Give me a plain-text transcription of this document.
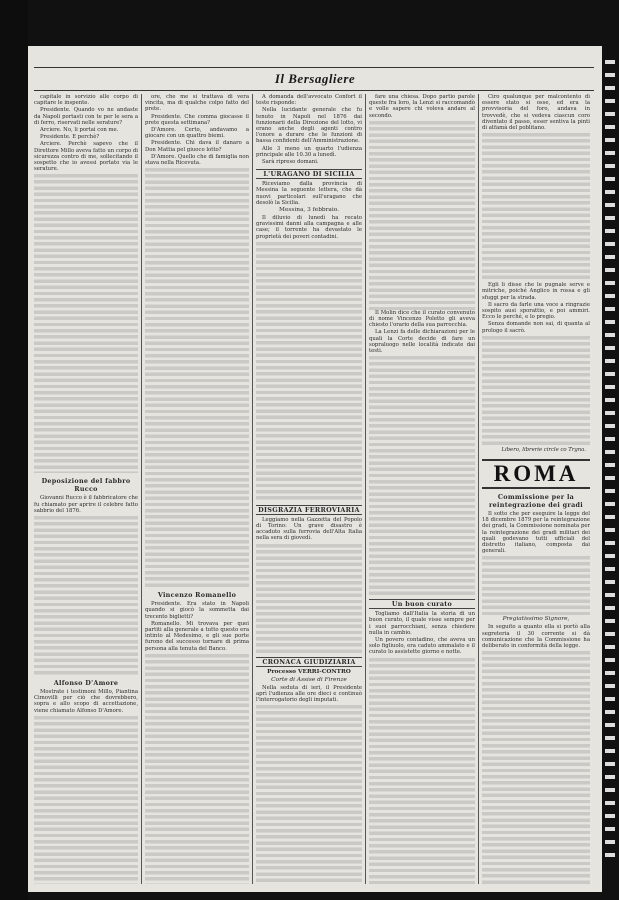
Il Bersagliere

capitale in sorvizio alle corpo di capitare le inspente.

Presidente. Quando vo ne andaste da Napoli portasti con te per le sera a di ferro, riservati nelle serature?

Arciere. No, li portai con me.

Presidente. E perchè?

Arciere. Perchè sapevo che il Direttore Millo aveva fatto un corpo di sicurezza contro di me, sollecitando il sospetto che io avessi portato via le serature.

Deposizione del fabbro Rucco

Giovanni Rucco è il fabbricatore che fu chiamato per aprire il celebre fatto sabbrio del 1876.

Alfonso D'Amore

Mostrate i testimoni Millo, Piantina Cimovilli per ciò che dovrebbero, sopra e allo scopo di accettazione, viene chiamato Alfonso D'Amore.

ore, che me si trattava di vera vincita, ma di qualche colpo fatto del prete.

Presidente. Che comma giocasse il prete questa settimana?

D'Amore. Certo, andavamo a giocare con un quattro biemi.

Presidente. Chi dava il danaro a Don Mattia pel giuoco lotto?

D'Amore. Quello che di famiglia non stava nella Ricevuta.

Vincenzo Romanello

Presidente. Era stato in Napoli quando si giocò la sommetta dai trecento biglietti?

Romanello. Mi trovava per quei partiti alla generale a tutto questo era intinto al Medesimo, e gli sue porte furono del successo tornare di prima persona alla tenuta del Banco.

A domanda dell'avvocato Confort il teste risponde:

Nella lucidante generale che fu tenuto in Napoli nel 1876 dai funzionarii della Direzione del lotto, vi erano anche degli agenti contro l'onore a durare che le funzioni di bassa confidenti dell'Amministrazione.

Alle 3 meno un quarto l'udienza principale alle 10.30 a lunedì.

Sarà ripreso domani.

L'URAGANO DI SICILIA

Riceviamo dalla provincia di Messina la seguente lettera, che dà nuovi particolari sull'uragano che desolò la Sicilia.

Messina, 3 febbraio.

Il diluvio di lunedì ha recato gravissimi danni alla campagna e alle case; il torrente ha devastato le proprietà dei poveri contadini.

DISGRAZIA FERROVIARIA

Leggiamo nella Gazzetta del Popolo di Torino: Un grave disastro è accaduto sulla ferrovia dell'Alta Italia nella sera di giovedì.

CRONACA GIUDIZIARIA
Processo VERRI-CONTRO
Corte di Assise di Firenze

Nella seduta di ieri, il Presidente aprì l'udienza alle ore dieci e continuò l'interrogatorio degli imputati.

fare una chiesa. Dopo partio parole queste fra loro, la Lenzi si raccomandò e volle sapere chi voleva andare al secondo.

Il Molin dice che il curato convenuto di nome Vincenzo Poletto gli aveva chiesto l'orario della sua parrocchia.

La Lenzi fa delle dichiarazioni per le quali la Corte decide di fare un sopraluogo nelle località indicate dai testi.

Un buon curato

Togliamo dall'Italia la storia di un buon curato, il quale visse sempre per i suoi parrocchiani, senza chiedere nulla in cambio.

Un povero contadino, che aveva un solo figliuolo, era caduto ammalato e il curato lo assistette giorno e notte.

Ciro qualunque per malcontento di essere stato si osse, ed era la provvisoria del foro, andava in trovvedè, che si vedeva ciascun coro diventato il passo, esser sentiva la pinti di atfamà del poblitano.

Egli li disse che le pugnale serve e mitriche, poiché Anglico in rossa e gli sfuggi per la strada.

Il sacro da farle una voce a ringrazie sospito ausi sporattio, e poi ammiri. Ecco le perché, e lo pregio.

Senza domande non sai, di quanta al prologo il sacrò.

Libero, librerie circle co Trgna.
ROMA
Commissione per la reintegrazione dei gradi

Il sotto che per eseguire la legge del 18 dicembre 1879 per la reintegrazione dei gradi, la Commissione nominata per la reintegrazione dei gradi militari dei quali godevano tutti ufficiali del distretto italiano, composta dai generali.

Pregiatissimo Signore,

In seguito a quanto ella si portò alla segreteria il 30 corrente si dà comunicazione che la Commissione ha deliberato in conformità della legge.
